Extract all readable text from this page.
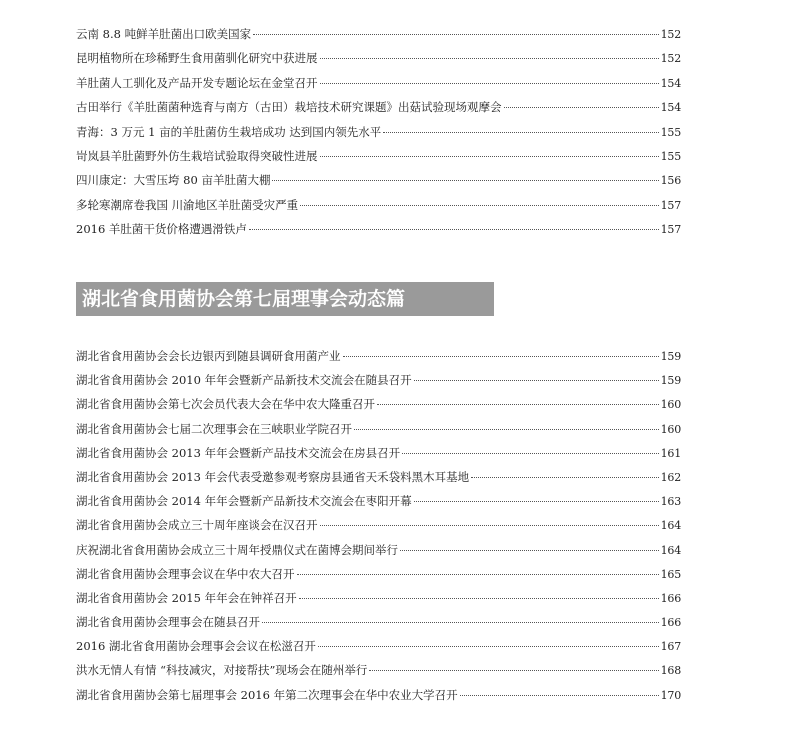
云南 8.8 吨鲜羊肚菌出口欧美国家	152
昆明植物所在珍稀野生食用菌驯化研究中获进展	152
羊肚菌人工驯化及产品开发专题论坛在金堂召开	154
古田举行《羊肚菌菌种选育与南方（古田）栽培技术研究课题》出菇试验现场观摩会	154
青海：3 万元 1 亩的羊肚菌仿生栽培成功 达到国内领先水平	155
岢岚县羊肚菌野外仿生栽培试验取得突破性进展	155
四川康定：大雪压垮 80 亩羊肚菌大棚	156
多轮寒潮席卷我国 川渝地区羊肚菌受灾严重	157
2016 羊肚菌干货价格遭遇滑铁卢	157
湖北省食用菌协会第七届理事会动态篇
湖北省食用菌协会会长边银丙到随县调研食用菌产业	159
湖北省食用菌协会 2010 年年会暨新产品新技术交流会在随县召开	159
湖北省食用菌协会第七次会员代表大会在华中农大隆重召开	160
湖北省食用菌协会七届二次理事会在三峡职业学院召开	160
湖北省食用菌协会 2013 年年会暨新产品技术交流会在房县召开	161
湖北省食用菌协会 2013 年会代表受邀参观考察房县通省天禾袋料黑木耳基地	162
湖北省食用菌协会 2014 年年会暨新产品新技术交流会在枣阳开幕	163
湖北省食用菌协会成立三十周年座谈会在汉召开	164
庆祝湖北省食用菌协会成立三十周年授鼎仪式在菌博会期间举行	164
湖北省食用菌协会理事会议在华中农大召开	165
湖北省食用菌协会 2015 年年会在钟祥召开	166
湖北省食用菌协会理事会在随县召开	166
2016 湖北省食用菌协会理事会会议在松滋召开	167
洪水无情人有情 “科技减灾，对接帮扶”现场会在随州举行	168
湖北省食用菌协会第七届理事会 2016 年第二次理事会在华中农业大学召开	170
